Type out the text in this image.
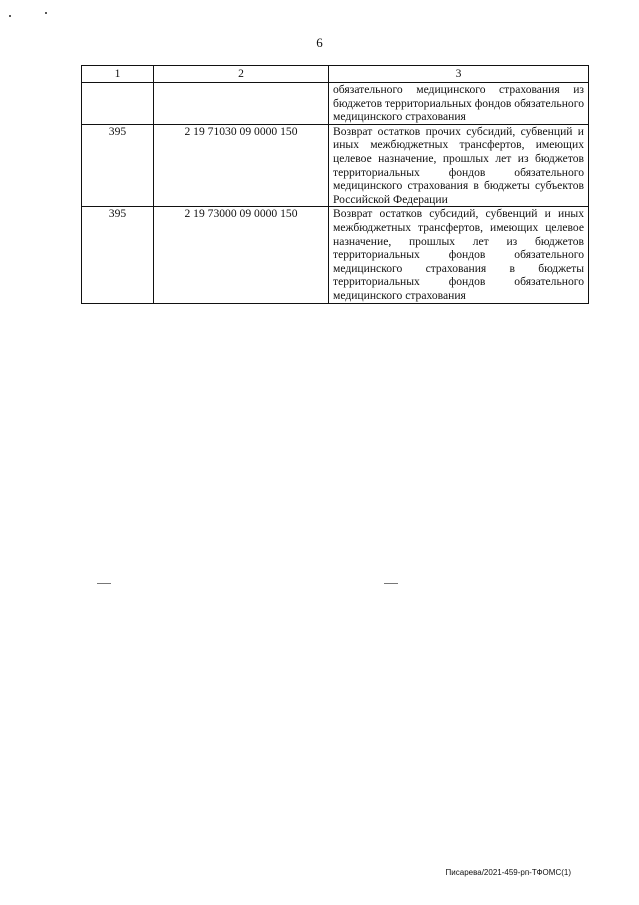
6
1	2	3
		обязательного медицинского страхования из бюджетов территориальных фондов обязательного медицинского страхования
395	2 19 71030 09 0000 150	Возврат остатков прочих субсидий, субвенций и иных межбюджетных трансфертов, имеющих целевое назначение, прошлых лет из бюджетов территориальных фондов обязательного медицинского страхования в бюджеты субъектов Российской Федерации
395	2 19 73000 09 0000 150	Возврат остатков субсидий, субвенций и иных межбюджетных трансфертов, имеющих целевое назначение, прошлых лет из бюджетов территориальных фондов обязательного медицинского страхования в бюджеты территориальных фондов обязательного медицинского страхования
Писарева/2021-459-рп-ТФОМС(1)
